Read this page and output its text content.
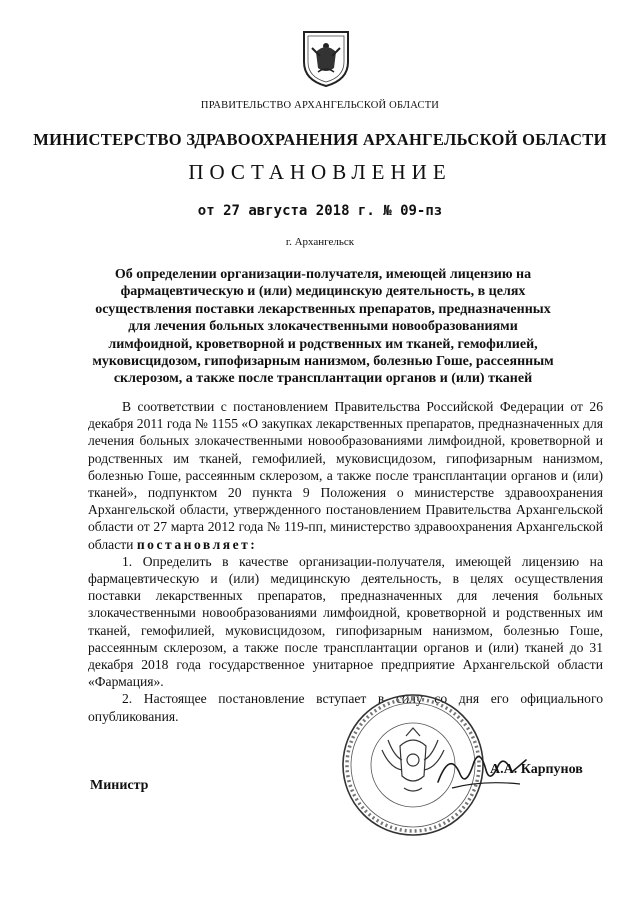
ПРАВИТЕЛЬСТВО АРХАНГЕЛЬСКОЙ ОБЛАСТИ
МИНИСТЕРСТВО ЗДРАВООХРАНЕНИЯ АРХАНГЕЛЬСКОЙ ОБЛАСТИ
ПОСТАНОВЛЕНИЕ
от 27 августа 2018 г. № 09-пз
г. Архангельск
Об определении организации-получателя, имеющей лицензию на
фармацевтическую и (или) медицинскую деятельность, в целях
осуществления поставки лекарственных препаратов, предназначенных
для лечения больных злокачественными новообразованиями
лимфоидной, кроветворной и родственных им тканей, гемофилией,
муковисцидозом, гипофизарным нанизмом, болезнью Гоше, рассеянным
склерозом, а также после трансплантации органов и (или) тканей

В соответствии с постановлением Правительства Российской Федерации от 26 декабря 2011 года № 1155 «О закупках лекарственных препаратов, предназначенных для лечения больных злокачественными новообразованиями лимфоидной, кроветворной и родственных им тканей, гемофилией, муковисцидозом, гипофизарным нанизмом, болезнью Гоше, рассеянным склерозом, а также после трансплантации органов и (или) тканей», подпунктом 20 пункта 9 Положения о министерстве здравоохранения Архангельской области, утвержденного постановлением Правительства Архангельской области от 27 марта 2012 года № 119-пп, министерство здравоохранения Архангельской области постановляет:

1. Определить в качестве организации-получателя, имеющей лицензию на фармацевтическую и (или) медицинскую деятельность, в целях осуществления поставки лекарственных препаратов, предназначенных для лечения больных злокачественными новообразованиями лимфоидной, кроветворной и родственных им тканей, гемофилией, муковисцидозом, гипофизарным нанизмом, болезнью Гоше, рассеянным склерозом, а также после трансплантации органов и (или) тканей до 31 декабря 2018 года государственное унитарное предприятие Архангельской области «Фармация».

2. Настоящее постановление вступает в силу со дня его официального опубликования.

Министр
А.А. Карпунов
